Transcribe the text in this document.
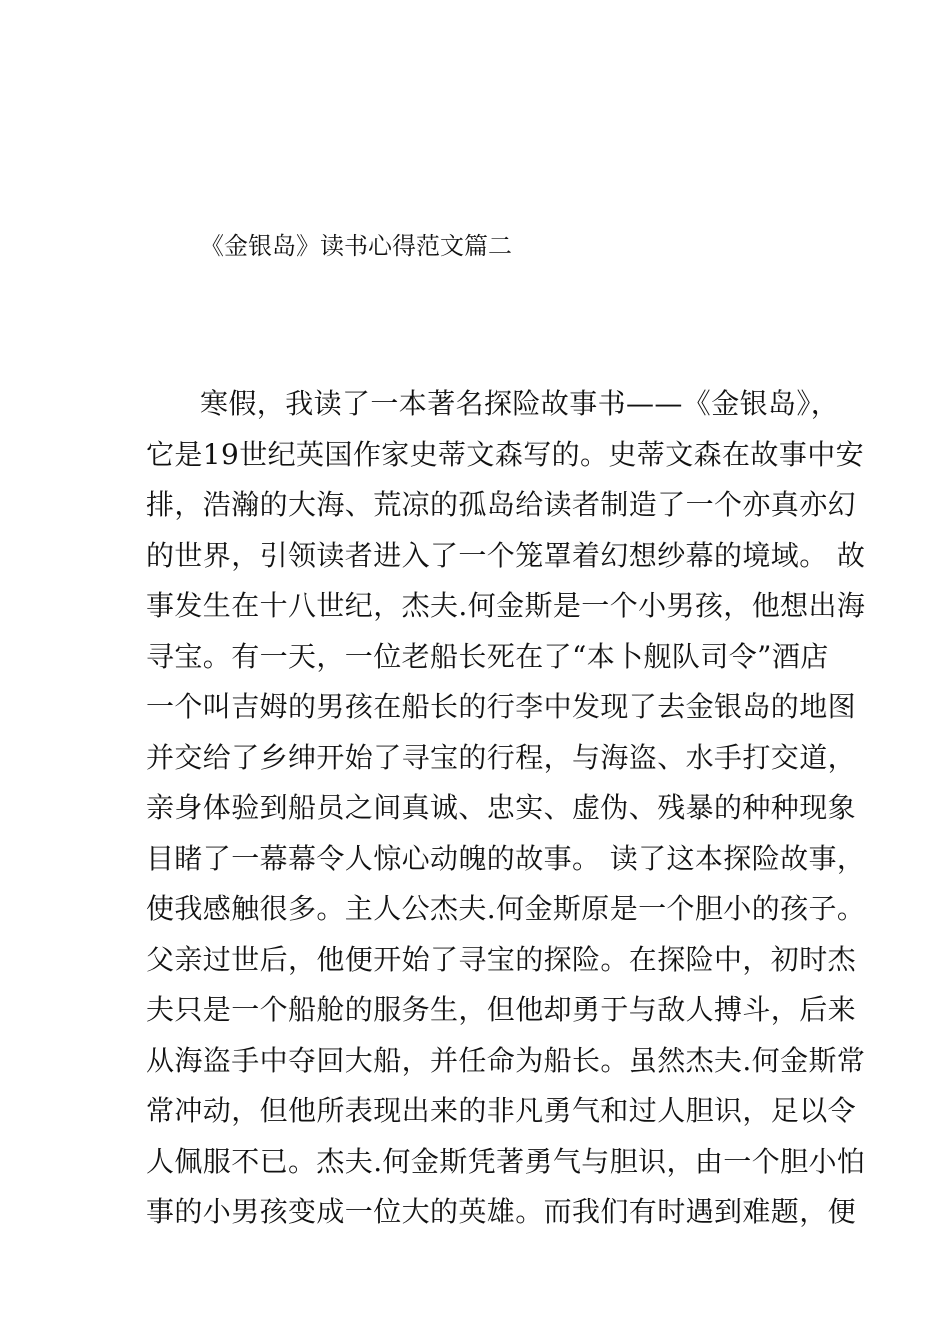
《金银岛》读书心得范文篇二
寒假，我读了一本著名探险故事书——《金银岛》，
它是19世纪英国作家史蒂文森写的。史蒂文森在故事中安
排，浩瀚的大海、荒凉的孤岛给读者制造了一个亦真亦幻
的世界，引领读者进入了一个笼罩着幻想纱幕的境域。 故
事发生在十八世纪，杰夫.何金斯是一个小男孩，他想出海
寻宝。有一天，一位老船长死在了“本卜舰队司令”酒店
一个叫吉姆的男孩在船长的行李中发现了去金银岛的地图
并交给了乡绅开始了寻宝的行程，与海盗、水手打交道，
亲身体验到船员之间真诚、忠实、虚伪、残暴的种种现象
目睹了一幕幕令人惊心动魄的故事。 读了这本探险故事，
使我感触很多。主人公杰夫.何金斯原是一个胆小的孩子。
父亲过世后，他便开始了寻宝的探险。在探险中，初时杰
夫只是一个船舱的服务生，但他却勇于与敌人搏斗，后来
从海盗手中夺回大船，并任命为船长。虽然杰夫.何金斯常
常冲动，但他所表现出来的非凡勇气和过人胆识，足以令
人佩服不已。杰夫.何金斯凭著勇气与胆识，由一个胆小怕
事的小男孩变成一位大的英雄。而我们有时遇到难题，便
